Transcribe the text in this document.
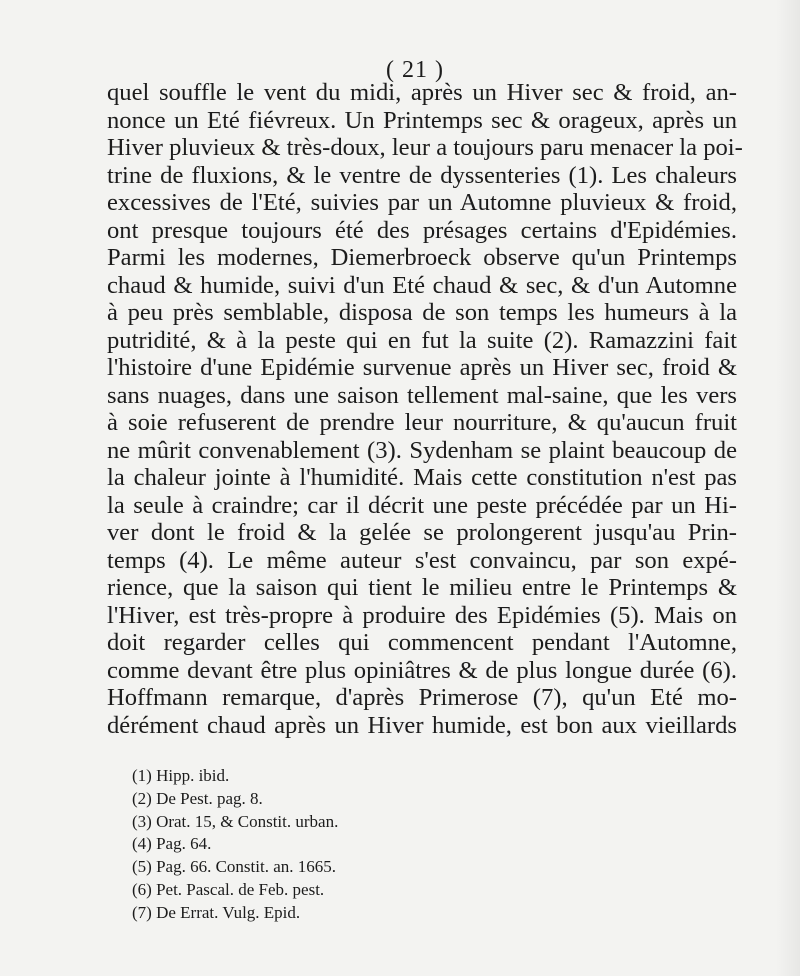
( 21 )
quel souffle le vent du midi, après un Hiver sec & froid, an-
nonce un Eté fiévreux. Un Printemps sec & orageux, après un
Hiver pluvieux & très-doux, leur a toujours paru menacer la poi-
trine de fluxions, & le ventre de dyssenteries (1). Les chaleurs
excessives de l'Eté, suivies par un Automne pluvieux & froid,
ont presque toujours été des présages certains d'Epidémies.
Parmi les modernes, Diemerbroeck observe qu'un Printemps
chaud & humide, suivi d'un Eté chaud & sec, & d'un Automne
à peu près semblable, disposa de son temps les humeurs à la
putridité, & à la peste qui en fut la suite (2). Ramazzini fait
l'histoire d'une Epidémie survenue après un Hiver sec, froid &
sans nuages, dans une saison tellement mal-saine, que les vers
à soie refuserent de prendre leur nourriture, & qu'aucun fruit
ne mûrit convenablement (3). Sydenham se plaint beaucoup de
la chaleur jointe à l'humidité. Mais cette constitution n'est pas
la seule à craindre; car il décrit une peste précédée par un Hi-
ver dont le froid & la gelée se prolongerent jusqu'au Prin-
temps (4). Le même auteur s'est convaincu, par son expé-
rience, que la saison qui tient le milieu entre le Printemps &
l'Hiver, est très-propre à produire des Epidémies (5). Mais on
doit regarder celles qui commencent pendant l'Automne,
comme devant être plus opiniâtres & de plus longue durée (6).
Hoffmann remarque, d'après Primerose (7), qu'un Eté mo-
dérément chaud après un Hiver humide, est bon aux vieillards
(1) Hipp. ibid.
(2) De Pest. pag. 8.
(3) Orat. 15, & Constit. urban.
(4) Pag. 64.
(5) Pag. 66. Constit. an. 1665.
(6) Pet. Pascal. de Feb. pest.
(7) De Errat. Vulg. Epid.
